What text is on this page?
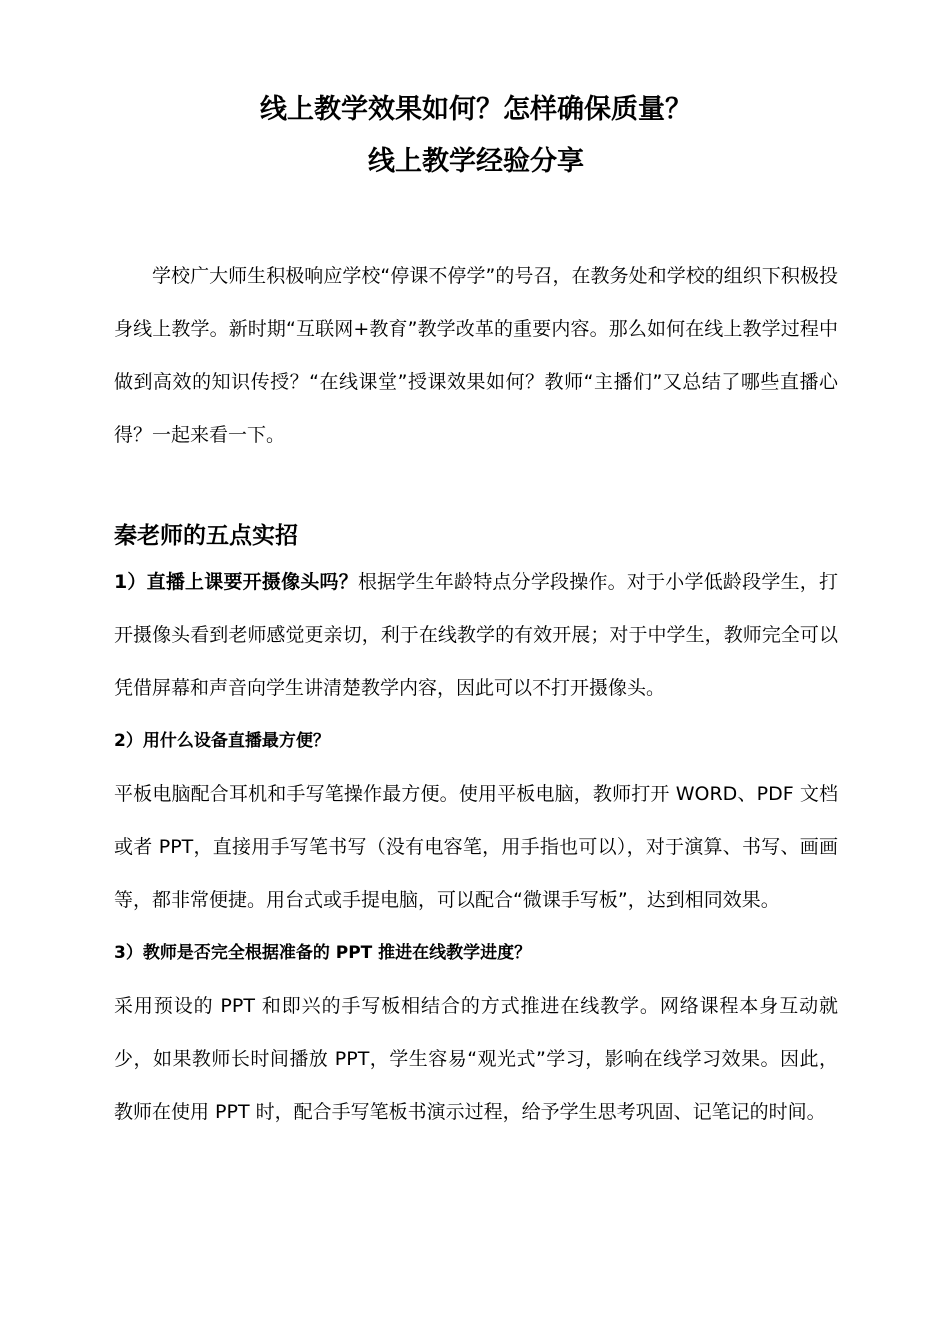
线上教学效果如何？怎样确保质量？
线上教学经验分享

学校广大师生积极响应学校“停课不停学”的号召，在教务处和学校的组织下积极投身线上教学。新时期“互联网+教育”教学改革的重要内容。那么如何在线上教学过程中做到高效的知识传授？“在线课堂”授课效果如何？教师“主播们”又总结了哪些直播心得？一起来看一下。

秦老师的五点实招

1）直播上课要开摄像头吗？根据学生年龄特点分学段操作。对于小学低龄段学生，打开摄像头看到老师感觉更亲切，利于在线教学的有效开展；对于中学生，教师完全可以凭借屏幕和声音向学生讲清楚教学内容，因此可以不打开摄像头。

2）用什么设备直播最方便？

平板电脑配合耳机和手写笔操作最方便。使用平板电脑，教师打开 WORD、PDF 文档或者 PPT，直接用手写笔书写（没有电容笔，用手指也可以），对于演算、书写、画画等，都非常便捷。用台式或手提电脑，可以配合“微课手写板”，达到相同效果。

3）教师是否完全根据准备的 PPT 推进在线教学进度？

采用预设的 PPT 和即兴的手写板相结合的方式推进在线教学。网络课程本身互动就少，如果教师长时间播放 PPT，学生容易“观光式”学习，影响在线学习效果。因此，教师在使用 PPT 时，配合手写笔板书演示过程，给予学生思考巩固、记笔记的时间。
